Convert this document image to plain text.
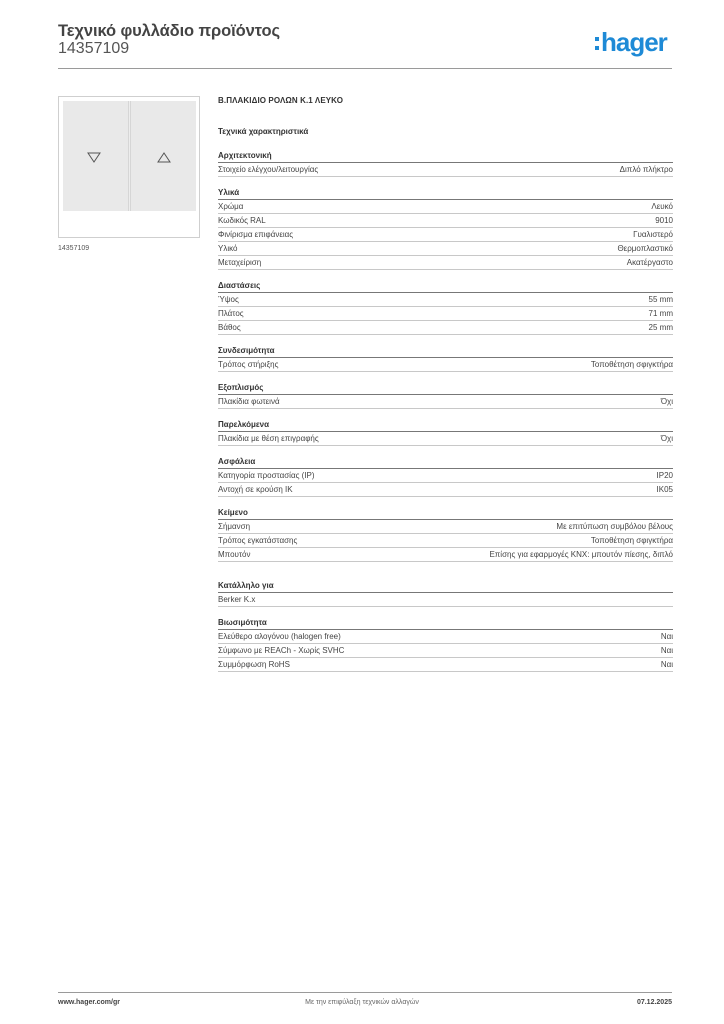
Τεχνικό φυλλάδιο προϊόντος
14357109	hager
14357109
Β.ΠΛΑΚΙΔΙΟ ΡΟΛΩΝ Κ.1 ΛΕΥΚΟ
Τεχνικά χαρακτηριστικά
Αρχιτεκτονική
Στοιχείο ελέγχου/λειτουργίας	Διπλό πλήκτρο
Υλικά
Χρώμα	Λευκό
Κωδικός RAL	9010
Φινίρισμα επιφάνειας	Γυαλιστερό
Υλικό	Θερμοπλαστικό
Μεταχείριση	Ακατέργαστο
Διαστάσεις
Ύψος	55 mm
Πλάτος	71 mm
Βάθος	25 mm
Συνδεσιμότητα
Τρόπος στήριξης	Τοποθέτηση σφιγκτήρα
Εξοπλισμός
Πλακίδια φωτεινά	Όχι
Παρελκόμενα
Πλακίδια με θέση επιγραφής	Όχι
Ασφάλεια
Κατηγορία προστασίας (IP)	IP20
Αντοχή σε κρούση IK	IK05
Κείμενο
Σήμανση	Με επιτύπωση συμβόλου βέλους
Τρόπος εγκατάστασης	Τοποθέτηση σφιγκτήρα
Μπουτόν	Επίσης για εφαρμογές KNX: μπουτόν πίεσης, διπλό
Κατάλληλο για
Berker K.x
Βιωσιμότητα
Ελεύθερο αλογόνου (halogen free)	Ναι
Σύμφωνο με REACh - Χωρίς SVHC	Ναι
Συμμόρφωση RoHS	Ναι
www.hager.com/gr	Με την επιφύλαξη τεχνικών αλλαγών	07.12.2025
